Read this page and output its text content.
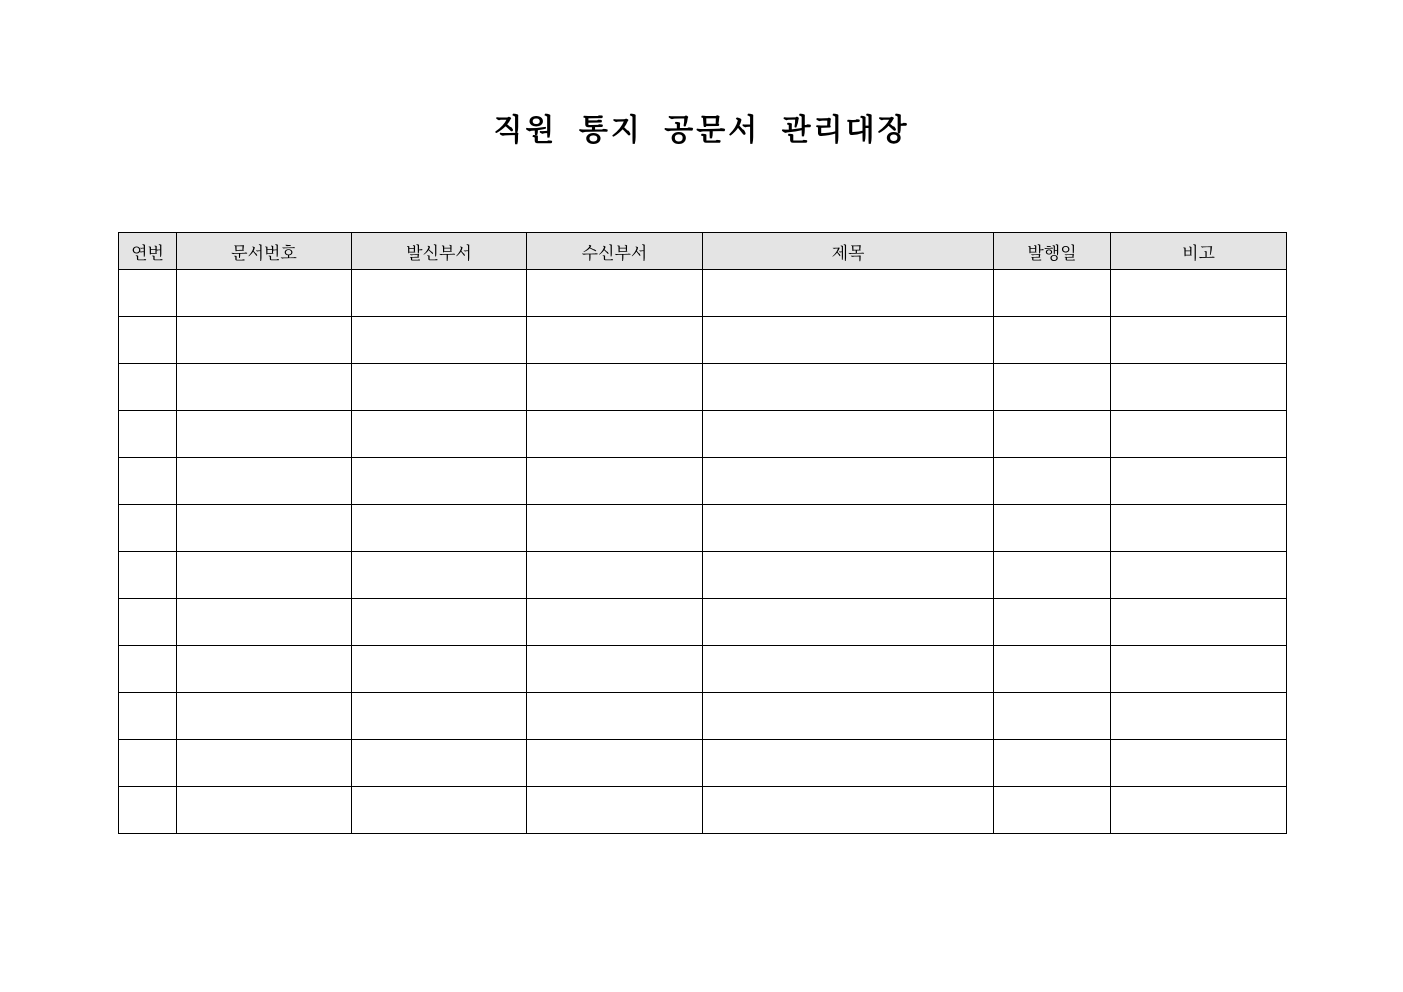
직원 통지 공문서 관리대장
연번	문서번호	발신부서	수신부서	제목	발행일	비고
